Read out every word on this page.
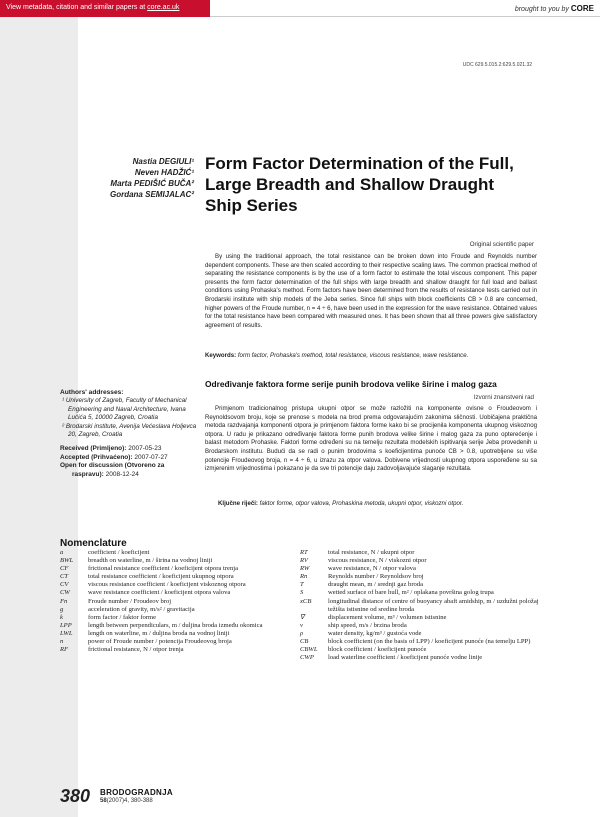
View metadata, citation and similar papers at core.ac.uk	brought to you by CORE
UDC 629.5.015.2:629.5.021.32
Nastia DEGIULI¹
Neven HADŽIĆ¹
Marta PEDIŠIĆ BUČA²
Gordana SEMIJALAC²
Form Factor Determination of the Full, Large Breadth and Shallow Draught Ship Series
Original scientific paper
By using the traditional approach, the total resistance can be broken down into Froude and Reynolds number dependent components. These are then scaled according to their respective scaling laws. The common practical method of separating the resistance components is by the use of a form factor to estimate the total viscous component. This paper presents the form factor determination of the full ships with large breadth and shallow draught for full load and ballast conditions using Prohaska's method. Form factors have been determined from the results of resistance tests carried out in Brodarski institute with ship models of the Jeba series. Since full ships with block coefficients CB > 0.8 are concerned, higher powers of the Froude number, n = 4 ÷ 6, have been used in the expression for the wave resistance. Obtained values for the total resistance have been compared with measured ones. It has been shown that all three powers give satisfactory agreement of results.
Keywords: form factor, Prohaska's method, total resistance, viscous resistance, wave resistance.
Određivanje faktora forme serije punih brodova velike širine i malog gaza
Izvorni znanstveni rad
Primjenom tradicionalnog pristupa ukupni otpor se može razložiti na komponente ovisne o Froudeovom i Reynoldsovom broju, koje se prenose s modela na brod prema odgovarajućim zakonima sličnosti. Uobičajena praktična metoda razdvajanja komponenti otpora je primjenom faktora forme kako bi se procijenila komponenta ukupnog viskoznog otpora. U radu je prikazano određivanje faktora forme punih brodova velike širine i malog gaza za puno opterećenje i balast metodom Prohaske. Faktori forme određeni su na temelju rezultata modelskih ispitivanja serije Jeba provedenih u Brodarskom institutu. Budući da se radi o punim brodovima s koeficijentima punoće CB > 0.8, upotrebljene su više potencije Froudeovog broja, n = 4 ÷ 6, u izrazu za otpor valova. Dobivene vrijednosti ukupnog otpora uspoređene su sa izmjerenim vrijednostima i pokazano je da sve tri potencije daju zadovoljavajuće slaganje rezultata.
Ključne riječi: faktor forme, otpor valova, Prohaskina metoda, ukupni otpor, viskozni otpor.
Authors' addresses:
¹ University of Zagreb, Faculty of Mechanical Engineering and Naval Architecture, Ivana Lučića 5, 10000 Zagreb, Croatia
² Brodarski institute, Avenija Većeslava Holjevca 20, Zagreb, Croatia
Received (Primljeno): 2007-05-23
Accepted (Prihvaćeno): 2007-07-27
Open for discussion (Otvoreno za
raspravu): 2008-12-24
Nomenclature
a	coefficient / koeficijent
BWL	breadth on waterline, m / širina na vodnoj liniji
CF	frictional resistance coefficient / koeficijent otpora trenja
CT	total resistance coefficient / koeficijent ukupnog otpora
CV	viscous resistance coefficient / koeficijent viskoznog otpora
CW	wave resistance coefficient / koeficijent otpora valova
Fn	Froude number / Froudeov broj
g	acceleration of gravity, m/s² / gravitacija
k	form factor / faktor forme
LPP	length between perpendiculars, m / duljina broda između okomica
LWL	length on waterline, m / duljina broda na vodnoj liniji
n	power of Froude number / potencija Froudeovog broja
RF	frictional resistance, N / otpor trenja
RT	total resistance, N / ukupni otpor
RV	viscous resistance, N / viskozni otpor
RW	wave resistance, N / otpor valova
Rn	Reynolds number / Reynoldsov broj
T	draught mean, m / srednji gaz broda
S	wetted surface of bare hull, m² / oplakana površina golog trupa
xCB	longitudinal distance of centre of buoyancy abaft amidship, m / uzdužni položaj težišta istisnine od sredine broda
∇	displacement volume, m³ / volumen istisnine
v	ship speed, m/s / brzina broda
ρ	water density, kg/m³ / gustoća vode
CB	block coefficient (on the basis of LPP) / koeficijent punoće (na temelju LPP)
CBWL	block coefficient / koeficijent punoće
CWP	load waterline coefficient / koeficijent punoće vodne linije
380 BRODOGRADNJA
58(2007)4, 380-388
